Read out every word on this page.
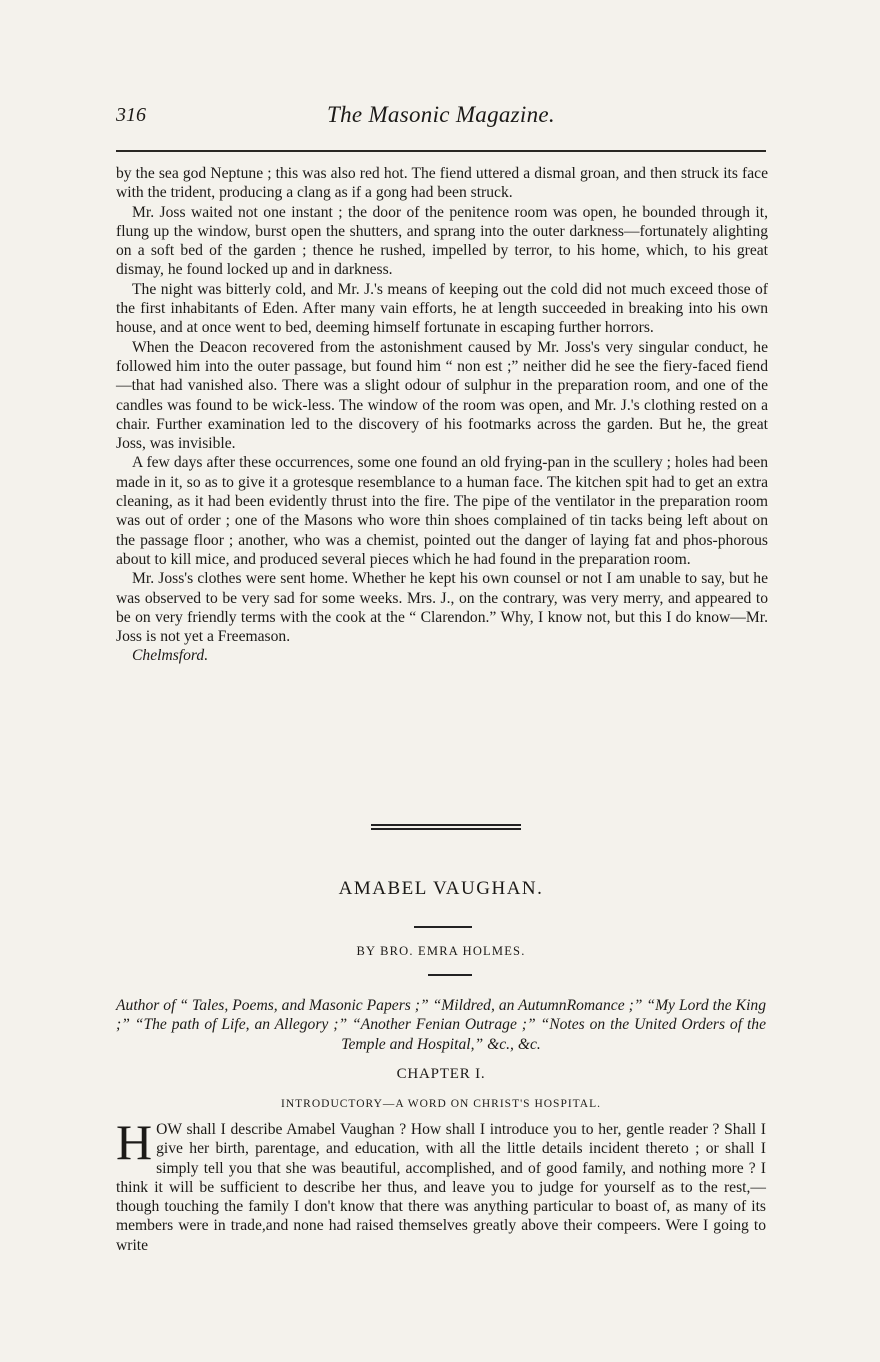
316	The Masonic Magazine.

by the sea god Neptune ; this was also red hot. The fiend uttered a dismal groan, and then struck its face with the trident, producing a clang as if a gong had been struck.

Mr. Joss waited not one instant ; the door of the penitence room was open, he bounded through it, flung up the window, burst open the shutters, and sprang into the outer darkness—fortunately alighting on a soft bed of the garden ; thence he rushed, impelled by terror, to his home, which, to his great dismay, he found locked up and in darkness.

The night was bitterly cold, and Mr. J.'s means of keeping out the cold did not much exceed those of the first inhabitants of Eden. After many vain efforts, he at length succeeded in breaking into his own house, and at once went to bed, deeming himself fortunate in escaping further horrors.

When the Deacon recovered from the astonishment caused by Mr. Joss's very singular conduct, he followed him into the outer passage, but found him “ non est ;” neither did he see the fiery-faced fiend—that had vanished also. There was a slight odour of sulphur in the preparation room, and one of the candles was found to be wick-less. The window of the room was open, and Mr. J.'s clothing rested on a chair. Further examination led to the discovery of his footmarks across the garden. But he, the great Joss, was invisible.

A few days after these occurrences, some one found an old frying-pan in the scullery ; holes had been made in it, so as to give it a grotesque resemblance to a human face. The kitchen spit had to get an extra cleaning, as it had been evidently thrust into the fire. The pipe of the ventilator in the preparation room was out of order ; one of the Masons who wore thin shoes complained of tin tacks being left about on the passage floor ; another, who was a chemist, pointed out the danger of laying fat and phos-phorous about to kill mice, and produced several pieces which he had found in the preparation room.

Mr. Joss's clothes were sent home. Whether he kept his own counsel or not I am unable to say, but he was observed to be very sad for some weeks. Mrs. J., on the contrary, was very merry, and appeared to be on very friendly terms with the cook at the “ Clarendon.” Why, I know not, but this I do know—Mr. Joss is not yet a Freemason.

Chelmsford.

AMABEL VAUGHAN.
BY BRO. EMRA HOLMES.
Author of “ Tales, Poems, and Masonic Papers ;” “Mildred, an AutumnRomance ;” “My Lord the King ;” “The path of Life, an Allegory ;” “Another Fenian Outrage ;” “Notes on the United Orders of the Temple and Hospital,” &c., &c.
CHAPTER I.
INTRODUCTORY—A WORD ON CHRIST'S HOSPITAL.

HOW shall I describe Amabel Vaughan ? How shall I introduce you to her, gentle reader ? Shall I give her birth, parentage, and education, with all the little details incident thereto ; or shall I simply tell you that she was beautiful, accomplished, and of good family, and nothing more ? I think it will be sufficient to describe her thus, and leave you to judge for yourself as to the rest,—though touching the family I don't know that there was anything particular to boast of, as many of its members were in trade,and none had raised themselves greatly above their compeers. Were I going to write
